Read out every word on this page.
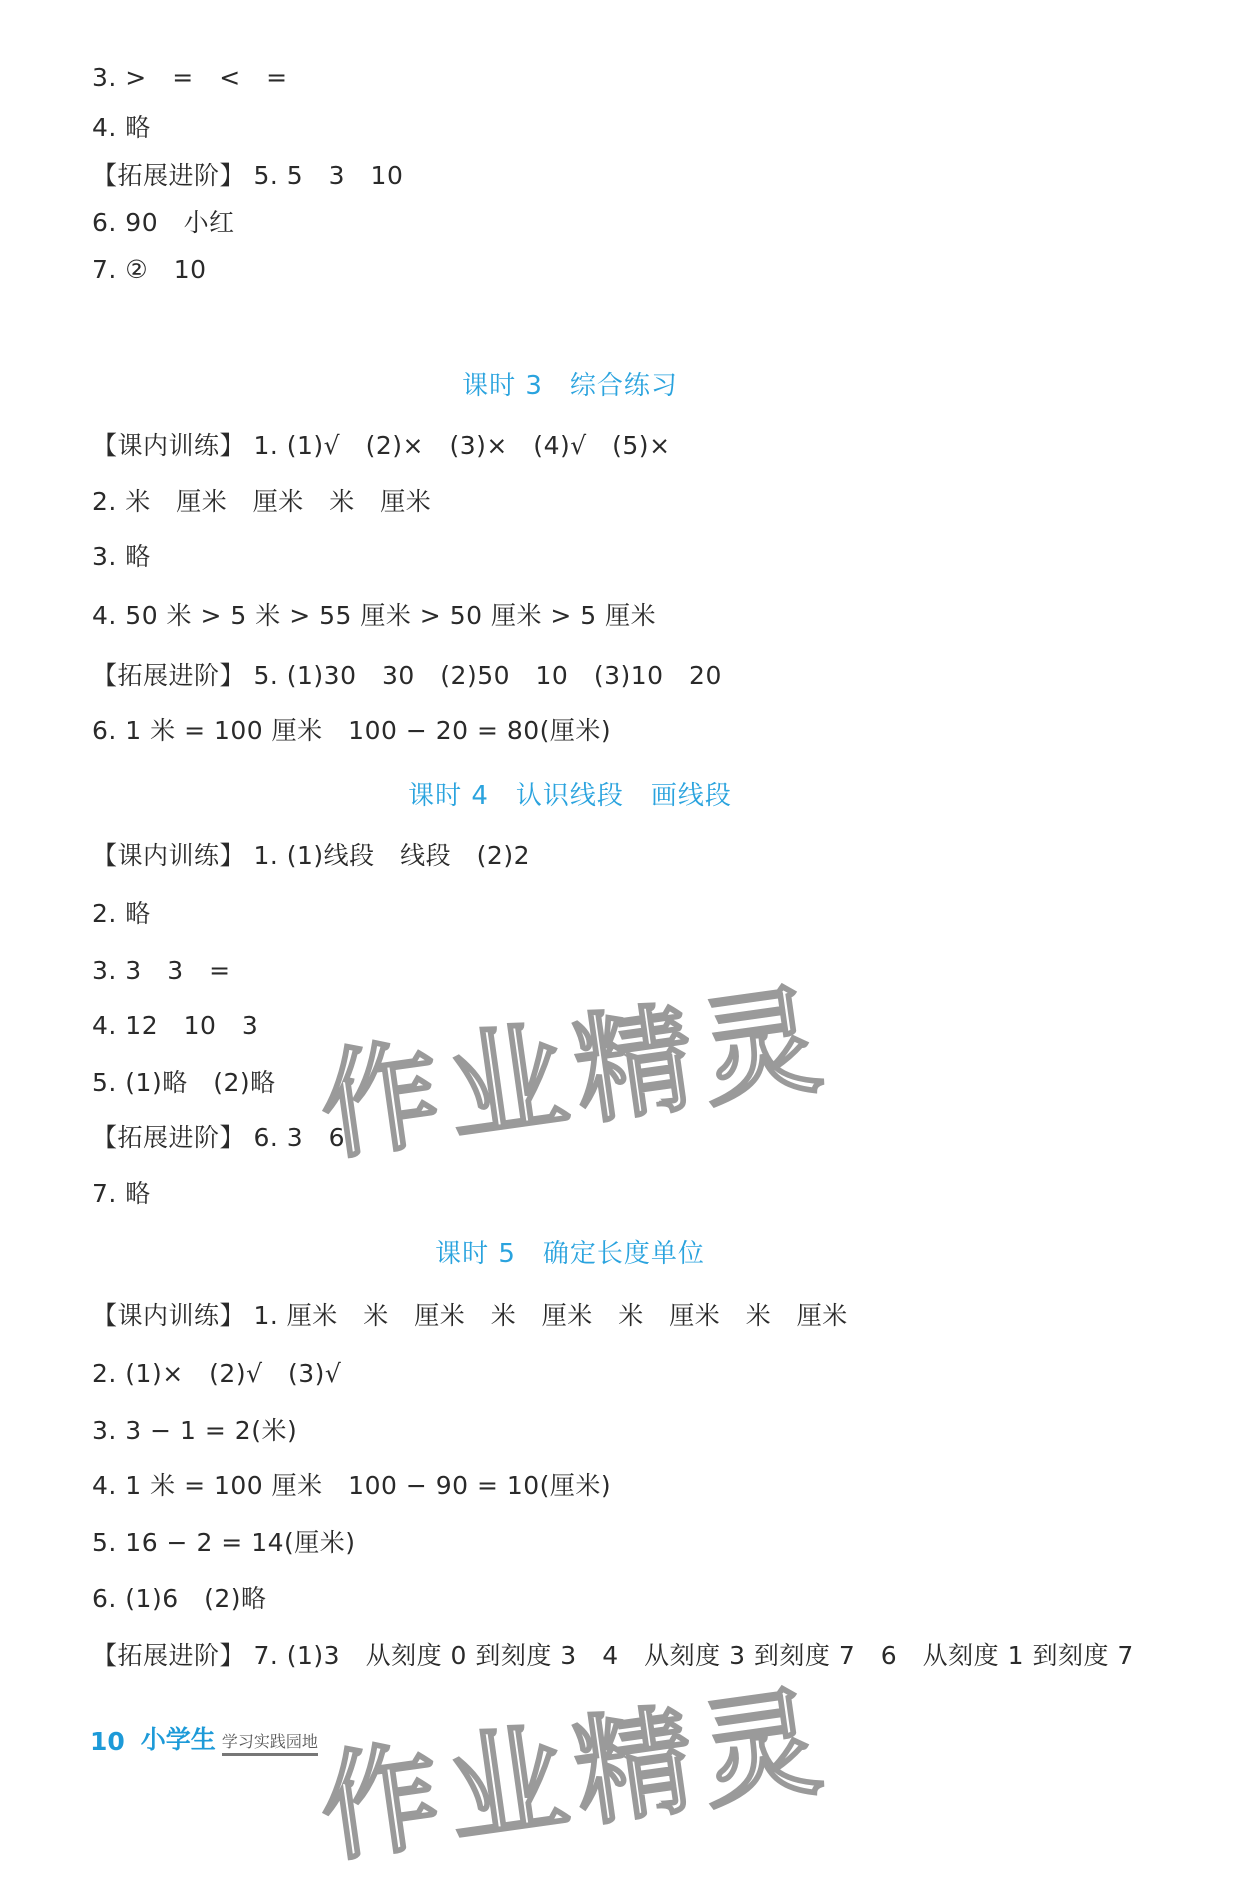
3. >　=　<　=
4. 略
【拓展进阶】 5. 5　3　10
6. 90　小红
7. ②　10
课时 3　综合练习
【课内训练】 1. (1)√　(2)×　(3)×　(4)√　(5)×
2. 米　厘米　厘米　米　厘米
3. 略
4. 50 米 > 5 米 > 55 厘米 > 50 厘米 > 5 厘米
【拓展进阶】 5. (1)30　30　(2)50　10　(3)10　20
6. 1 米 = 100 厘米　100 − 20 = 80(厘米)
课时 4　认识线段　画线段
【课内训练】 1. (1)线段　线段　(2)2
2. 略
3. 3　3　=
4. 12　10　3
5. (1)略　(2)略
【拓展进阶】 6. 3　6
7. 略
课时 5　确定长度单位
【课内训练】 1. 厘米　米　厘米　米　厘米　米　厘米　米　厘米
2. (1)×　(2)√　(3)√
3. 3 − 1 = 2(米)
4. 1 米 = 100 厘米　100 − 90 = 10(厘米)
5. 16 − 2 = 14(厘米)
6. (1)6　(2)略
【拓展进阶】 7. (1)3　从刻度 0 到刻度 3　4　从刻度 3 到刻度 7　6　从刻度 1 到刻度 7
作业精灵
10 小学生 学习实践园地
作业精灵
